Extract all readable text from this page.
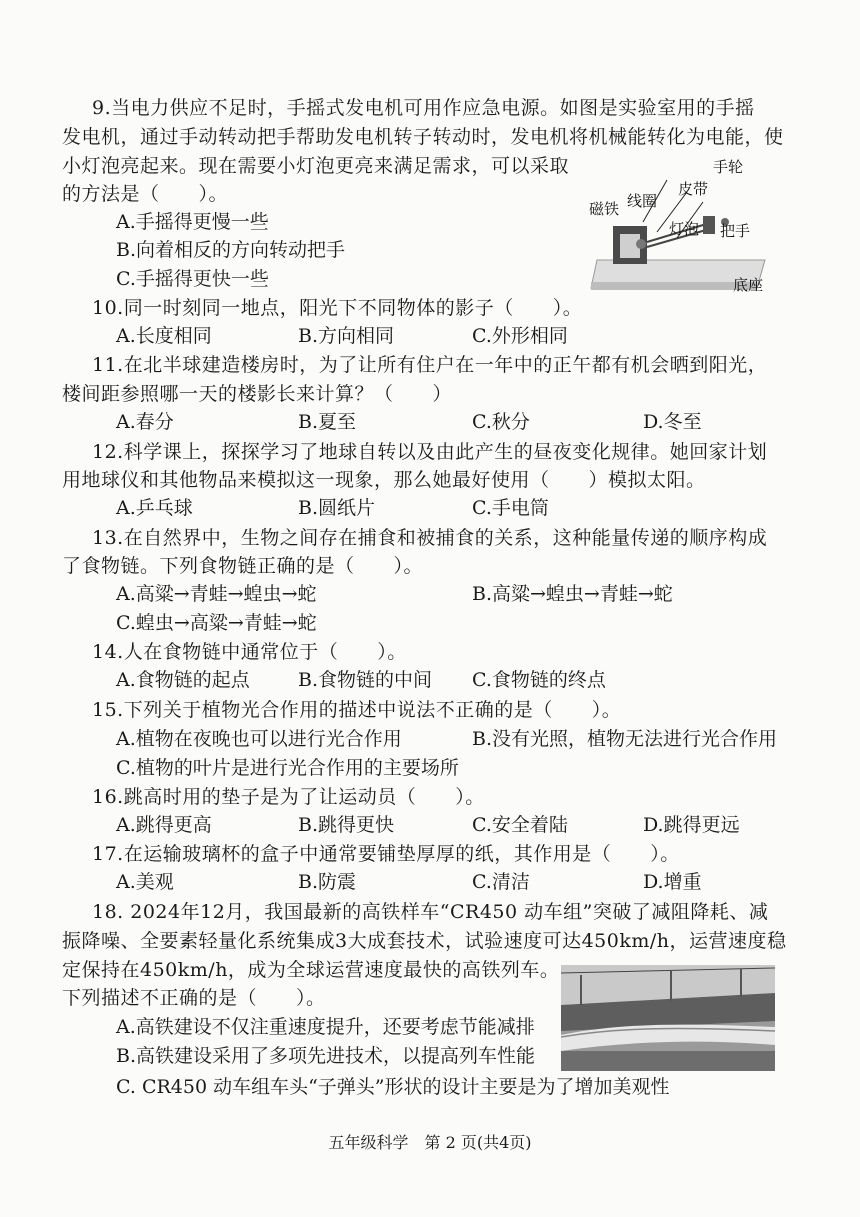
9.当电力供应不足时，手摇式发电机可用作应急电源。如图是实验室用的手摇
发电机，通过手动转动把手帮助发电机转子转动时，发电机将机械能转化为电能，使
小灯泡亮起来。现在需要小灯泡更亮来满足需求，可以采取
的方法是（　　）。
A.手摇得更慢一些
B.向着相反的方向转动把手
C.手摇得更快一些
手轮
皮带
磁铁 线圈
灯泡 把手
底座
10.同一时刻同一地点，阳光下不同物体的影子（　　）。
A.长度相同	B.方向相同	C.外形相同
11.在北半球建造楼房时，为了让所有住户在一年中的正午都有机会晒到阳光，
楼间距参照哪一天的楼影长来计算？（　　）
A.春分	B.夏至	C.秋分	D.冬至
12.科学课上，探探学习了地球自转以及由此产生的昼夜变化规律。她回家计划
用地球仪和其他物品来模拟这一现象，那么她最好使用（　　）模拟太阳。
A.乒乓球	B.圆纸片	C.手电筒
13.在自然界中，生物之间存在捕食和被捕食的关系，这种能量传递的顺序构成
了食物链。下列食物链正确的是（　　）。
A.高粱→青蛙→蝗虫→蛇	B.高粱→蝗虫→青蛙→蛇
C.蝗虫→高粱→青蛙→蛇
14.人在食物链中通常位于（　　）。
A.食物链的起点	B.食物链的中间 C.食物链的终点
15.下列关于植物光合作用的描述中说法不正确的是（　　）。
A.植物在夜晚也可以进行光合作用	B.没有光照，植物无法进行光合作用
C.植物的叶片是进行光合作用的主要场所
16.跳高时用的垫子是为了让运动员（　　）。
A.跳得更高	B.跳得更快	C.安全着陆	D.跳得更远
17.在运输玻璃杯的盒子中通常要铺垫厚厚的纸，其作用是（　　）。
A.美观	B.防震	C.清洁	D.增重
18. 2024年12月，我国最新的高铁样车“CR450 动车组”突破了减阻降耗、减
振降噪、全要素轻量化系统集成3大成套技术，试验速度可达450km/h，运营速度稳
定保持在450km/h，成为全球运营速度最快的高铁列车。
下列描述不正确的是（　　）。
A.高铁建设不仅注重速度提升，还要考虑节能减排
B.高铁建设采用了多项先进技术，以提高列车性能
C. CR450 动车组车头“子弹头”形状的设计主要是为了增加美观性
五年级科学　第 2 页(共4页)
